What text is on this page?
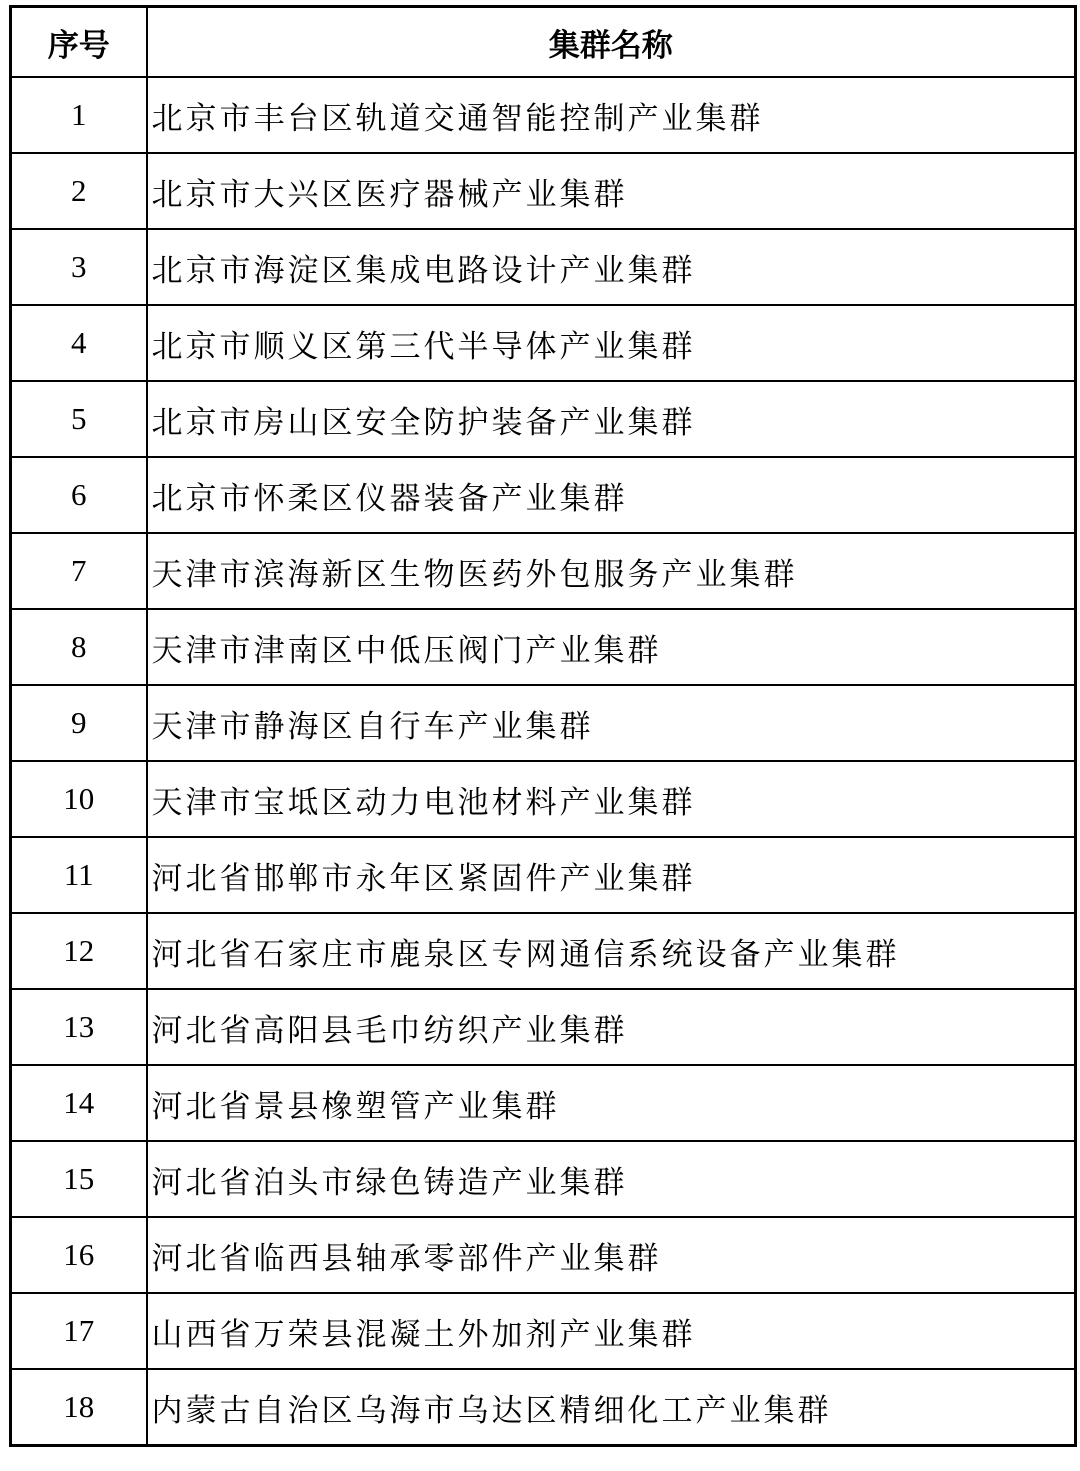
序号	集群名称
1	北京市丰台区轨道交通智能控制产业集群
2	北京市大兴区医疗器械产业集群
3	北京市海淀区集成电路设计产业集群
4	北京市顺义区第三代半导体产业集群
5	北京市房山区安全防护装备产业集群
6	北京市怀柔区仪器装备产业集群
7	天津市滨海新区生物医药外包服务产业集群
8	天津市津南区中低压阀门产业集群
9	天津市静海区自行车产业集群
10	天津市宝坻区动力电池材料产业集群
11	河北省邯郸市永年区紧固件产业集群
12	河北省石家庄市鹿泉区专网通信系统设备产业集群
13	河北省高阳县毛巾纺织产业集群
14	河北省景县橡塑管产业集群
15	河北省泊头市绿色铸造产业集群
16	河北省临西县轴承零部件产业集群
17	山西省万荣县混凝土外加剂产业集群
18	内蒙古自治区乌海市乌达区精细化工产业集群
